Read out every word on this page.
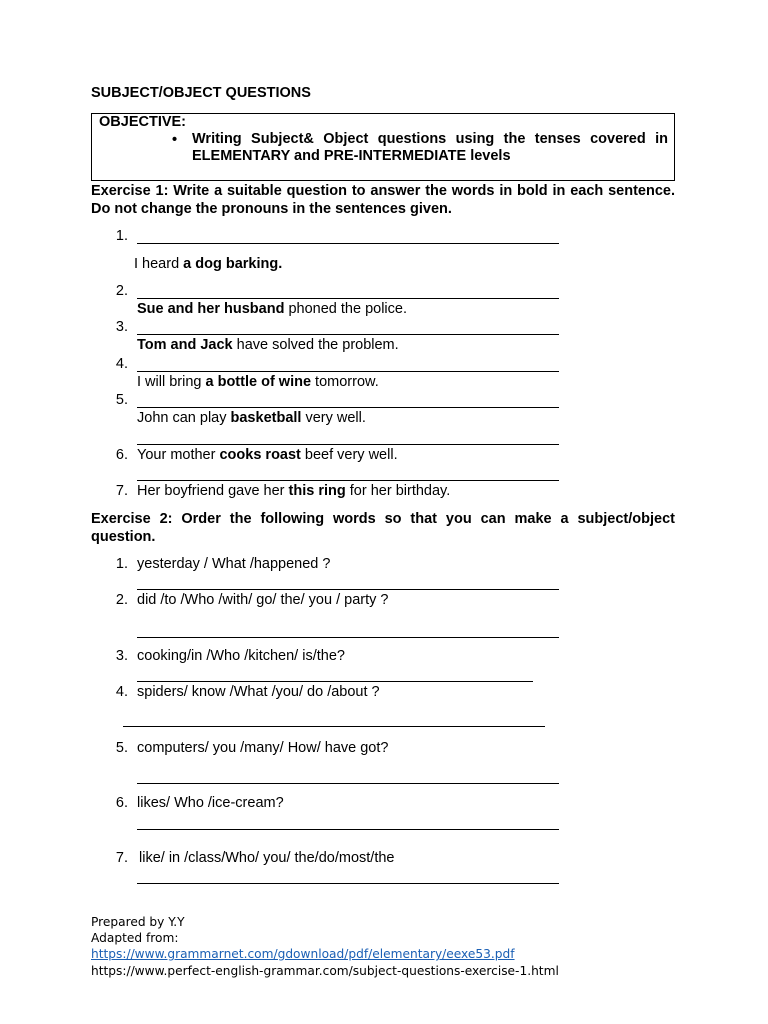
SUBJECT/OBJECT QUESTIONS
OBJECTIVE:
• Writing Subject& Object questions using the tenses covered in ELEMENTARY and PRE-INTERMEDIATE levels
Exercise 1: Write a suitable question to answer the words in bold in each sentence. Do not change the pronouns in the sentences given.
1.
I heard a dog barking.
2.
Sue and her husband phoned the police.
3.
Tom and Jack have solved the problem.
4.
I will bring a bottle of wine tomorrow.
5.
John can play basketball very well.
6. Your mother cooks roast beef very well.
7. Her boyfriend gave her this ring for her birthday.
Exercise 2: Order the following words so that you can make a subject/object question.
1. yesterday / What /happened ?
2. did /to /Who /with/ go/ the/ you / party ?
3. cooking/in /Who /kitchen/ is/the?
4. spiders/ know /What /you/ do /about ?
5. computers/ you /many/ How/ have got?
6. likes/ Who /ice-cream?
7. like/ in /class/Who/ you/ the/do/most/the
Prepared by Y.Y
Adapted from:
https://www.grammarnet.com/gdownload/pdf/elementary/eexe53.pdf
https://www.perfect-english-grammar.com/subject-questions-exercise-1.html
